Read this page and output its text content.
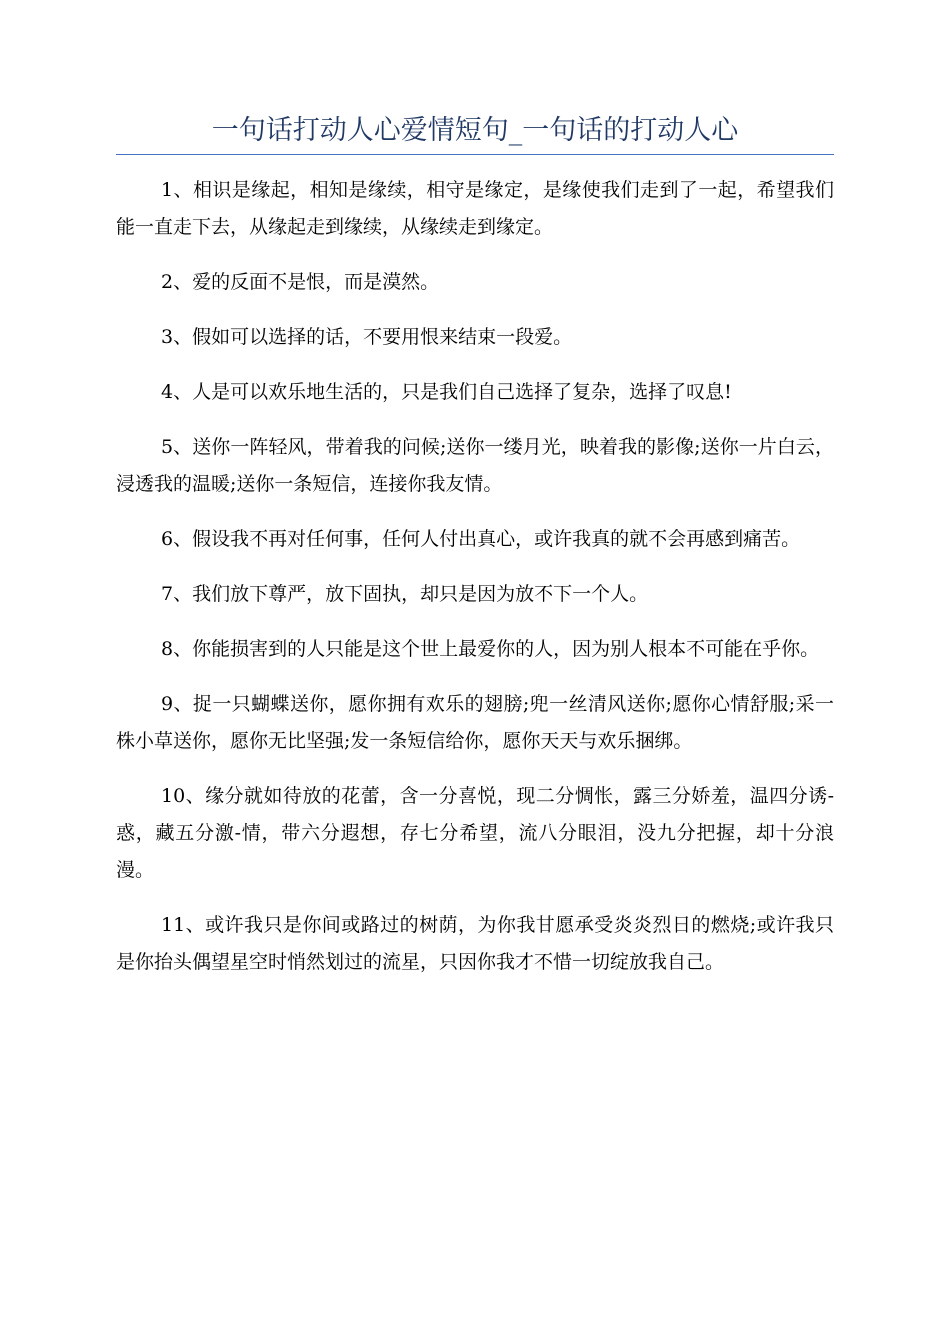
一句话打动人心爱情短句_一句话的打动人心

1、相识是缘起，相知是缘续，相守是缘定，是缘使我们走到了一起，希望我们能一直走下去，从缘起走到缘续，从缘续走到缘定。

2、爱的反面不是恨，而是漠然。

3、假如可以选择的话，不要用恨来结束一段爱。

4、人是可以欢乐地生活的，只是我们自己选择了复杂，选择了叹息!

5、送你一阵轻风，带着我的问候;送你一缕月光，映着我的影像;送你一片白云，浸透我的温暖;送你一条短信，连接你我友情。

6、假设我不再对任何事，任何人付出真心，或许我真的就不会再感到痛苦。

7、我们放下尊严，放下固执，却只是因为放不下一个人。

8、你能损害到的人只能是这个世上最爱你的人，因为别人根本不可能在乎你。

9、捉一只蝴蝶送你，愿你拥有欢乐的翅膀;兜一丝清风送你;愿你心情舒服;采一株小草送你，愿你无比坚强;发一条短信给你，愿你天天与欢乐捆绑。

10、缘分就如待放的花蕾，含一分喜悦，现二分惆怅，露三分娇羞，温四分诱-惑，藏五分激-情，带六分遐想，存七分希望，流八分眼泪，没九分把握，却十分浪漫。

11、或许我只是你间或路过的树荫，为你我甘愿承受炎炎烈日的燃烧;或许我只是你抬头偶望星空时悄然划过的流星，只因你我才不惜一切绽放我自己。
